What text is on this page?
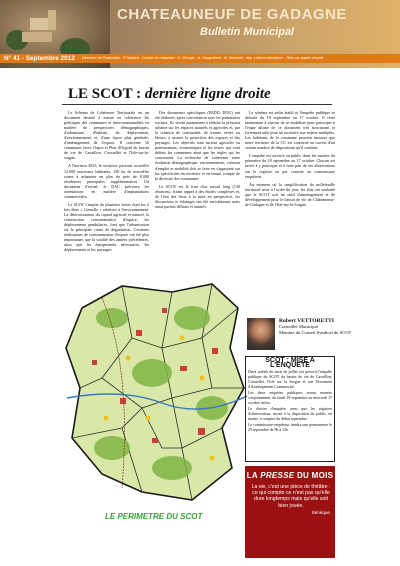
CHATEAUNEUF DE GADAGNE
Bulletin Municipal
N° 41 - Septembre 2012 Directeur de Publication : P. Mallard - Comité de rédaction : G. Gervais - A. Casqueliere - B. Vettoretti - Imp. Lefbvre Montfavet - Tirés sur papier recyclé
LE SCOT : dernière ligne droite

Le Schéma de Cohérence Territoriale est un document destiné à mettre en cohérence les politiques des communes et intercommunalités en matière de perspectives démographiques, d'urbanisme, d'habitat, de déplacement, d'environnement et, d'une façon plus générale, d'aménagement de l'espace. Il concerne 16 communes (avec Orgon et Plan d'Orgon) du bassin de vie de Cavaillon, Coustellet et l'Isle-sur-la-sorgue.

A l'horizon 2025, le territoire pourrait accueillir 12.000 nouveaux habitants, 150 ha de nouvelles zones à urbaniser en plus de près de 8.000 résidences principales supplémentaires. Un document d'actuel, le DAC précisera les orientations en matière d'implantations commerciales.

Le SCOT s'inspire de plusieurs textes dont les 2 lois dites « Grenelle » relatives à l'environnement. La déstructuration du capital agricole et naturel, la construction consommatrice d'espace, les déplacements pendulaires, font que l'urbanisation est la principale cause de dégradation. Certaines réalisations de consommation d'espace ont été plus importantes que la totalité des années précédentes, alors que les équipements nécessaires, les déplacements et les paysages

Des documents spécifiques (PADD, DOG) ont été élaborés, après concertation avec les partenaires sociaux. Ils visent notamment à réduire la pression urbaine sur les espaces naturels et agricoles et, par la création de continuités, de trames vertes ou bleues, à assurer la protection des espaces et des paysages. Les objectifs sont surtout agricoles ou patrimoniaux, économiques et les textes qui vont définir les communes ainsi que les règles qui les concernent. La recherche de cohérence entre évolution démographique, environnement, création d'emploi et mobilité doit se faire en s'appuyant sur les spécificités du territoire et en tenant compte de la diversité des communes.

Le SCOT est le fruit d'un travail long (130 réunions), fixant rappel à des études complexes et, de l'état des lieux à la mise en perspective, les discussions et échanges ont été enrichissants mais aussi parfois délicats et animés.

Le schéma est enfin établi et l'enquête publique se déroule du 18 septembre au 17 octobre. Il reste maintenant à chacun de se mobiliser pour participer à l'étape ultime de ce document très structurant et fortement utile pour un territoire aux enjeux multiples. Les habitants de la commune peuvent mesurer que notre territoire de la CC est concerné au travers d'un certain nombre de dispositions qu'il contient.

L'enquête est ouverte au public dans les mairies du périmètre du 18 septembre au 17 octobre. Chacun est invité à y participer et à faire part de ses observations sur le registre ou par courrier au commissaire enquêteur.

Au moment où la simplification du millefeuille territorial reste à l'ordre du jour, les élus ont souhaité que le SCOT soit un outil d'aménagement et de développement pour le bassin de vie de Châteauneuf-de-Gadagne et de l'Isle-sur-la-Sorgue.

LE PERIMETRE DU SCOT
Robert VETTORETTI
Conseiller Municipal
Membre du Conseil Syndical du SCOT
SCOT : MISE A L'ENQUETE

Deux arrêtés du mois de juillet ont prescrit l'enquête publique du SCOT du bassin de vie de Cavaillon, Coustellet, l'Isle sur la Sorgue et son Document d'Aménagement Commercial.

Les deux enquêtes publiques seront menées conjointement, du lundi 18 septembre au mercredi 17 octobre inclus.

Le dossier d'enquête, ainsi que les registres d'observations, seront à la disposition du public, en mairie, à compter du début septembre.

Le commissaire-enquêteur tiendra une permanence le 29 septembre de 9h à 12h.

LA PRESSE DU MOIS
La vie, c'est une pièce de théâtre : ce qui compte ce n'est pas qu'elle dure longtemps mais qu'elle soit bien jouée.
Sénèque
